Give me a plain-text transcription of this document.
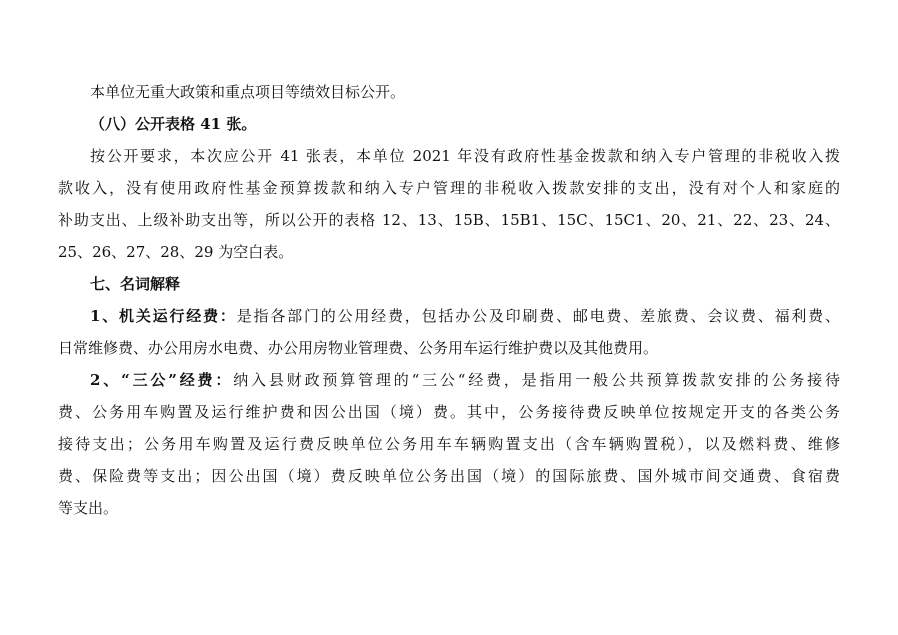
本单位无重大政策和重点项目等绩效目标公开。
（八）公开表格 41 张。
按公开要求，本次应公开 41 张表，本单位 2021 年没有政府性基金拨款和纳入专户管理的非税收入拨
款收入，没有使用政府性基金预算拨款和纳入专户管理的非税收入拨款安排的支出，没有对个人和家庭的
补助支出、上级补助支出等，所以公开的表格 12、13、15B、15B1、15C、15C1、20、21、22、23、24、
25、26、27、28、29 为空白表。
七、名词解释
1、机关运行经费：是指各部门的公用经费，包括办公及印刷费、邮电费、差旅费、会议费、福利费、
日常维修费、办公用房水电费、办公用房物业管理费、公务用车运行维护费以及其他费用。
2、“三公”经费：纳入县财政预算管理的“三公“经费，是指用一般公共预算拨款安排的公务接待
费、公务用车购置及运行维护费和因公出国（境）费。其中，公务接待费反映单位按规定开支的各类公务
接待支出；公务用车购置及运行费反映单位公务用车车辆购置支出（含车辆购置税），以及燃料费、维修
费、保险费等支出；因公出国（境）费反映单位公务出国（境）的国际旅费、国外城市间交通费、食宿费
等支出。
